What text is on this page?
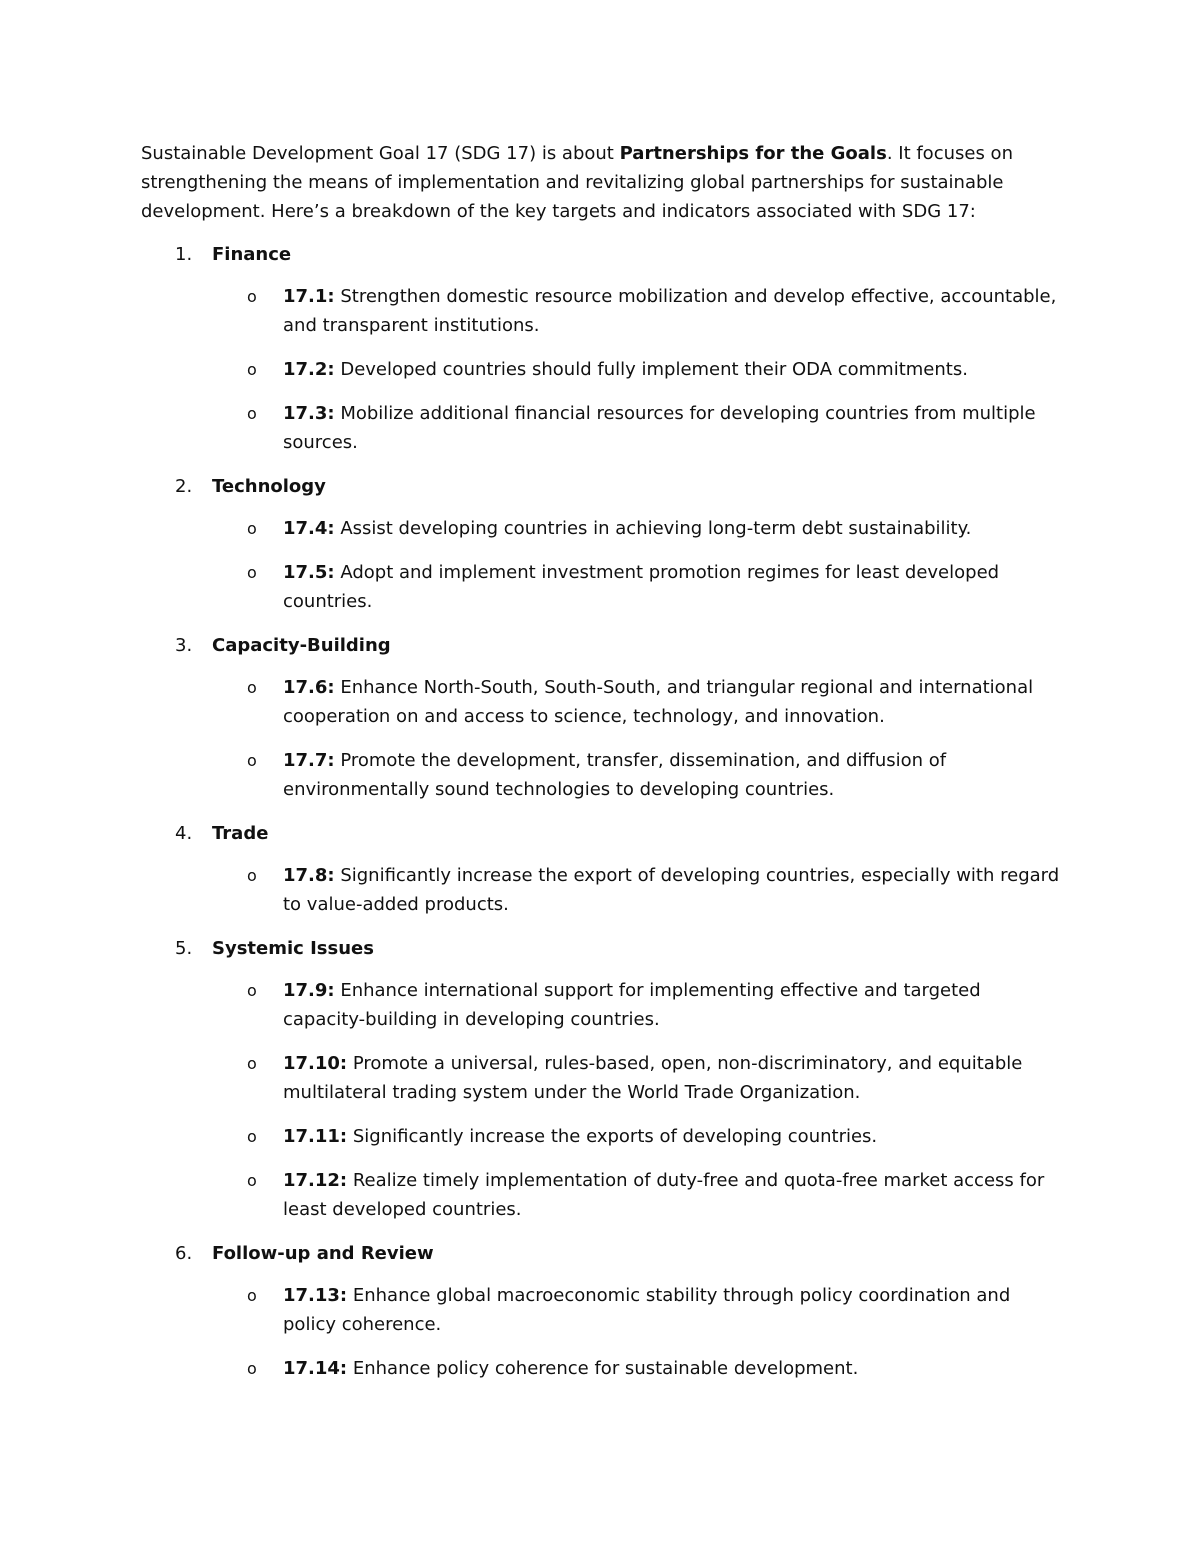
Sustainable Development Goal 17 (SDG 17) is about Partnerships for the Goals. It focuses on strengthening the means of implementation and revitalizing global partnerships for sustainable development. Here’s a breakdown of the key targets and indicators associated with SDG 17:

1. Finance
o 17.1: Strengthen domestic resource mobilization and develop effective, accountable, and transparent institutions.
o 17.2: Developed countries should fully implement their ODA commitments.
o 17.3: Mobilize additional financial resources for developing countries from multiple sources.
2. Technology
o 17.4: Assist developing countries in achieving long-term debt sustainability.
o 17.5: Adopt and implement investment promotion regimes for least developed countries.
3. Capacity-Building
o 17.6: Enhance North-South, South-South, and triangular regional and international cooperation on and access to science, technology, and innovation.
o 17.7: Promote the development, transfer, dissemination, and diffusion of environmentally sound technologies to developing countries.
4. Trade
o 17.8: Significantly increase the export of developing countries, especially with regard to value-added products.
5. Systemic Issues
o 17.9: Enhance international support for implementing effective and targeted capacity-building in developing countries.
o 17.10: Promote a universal, rules-based, open, non-discriminatory, and equitable multilateral trading system under the World Trade Organization.
o 17.11: Significantly increase the exports of developing countries.
o 17.12: Realize timely implementation of duty-free and quota-free market access for least developed countries.
6. Follow-up and Review
o 17.13: Enhance global macroeconomic stability through policy coordination and policy coherence.
o 17.14: Enhance policy coherence for sustainable development.
